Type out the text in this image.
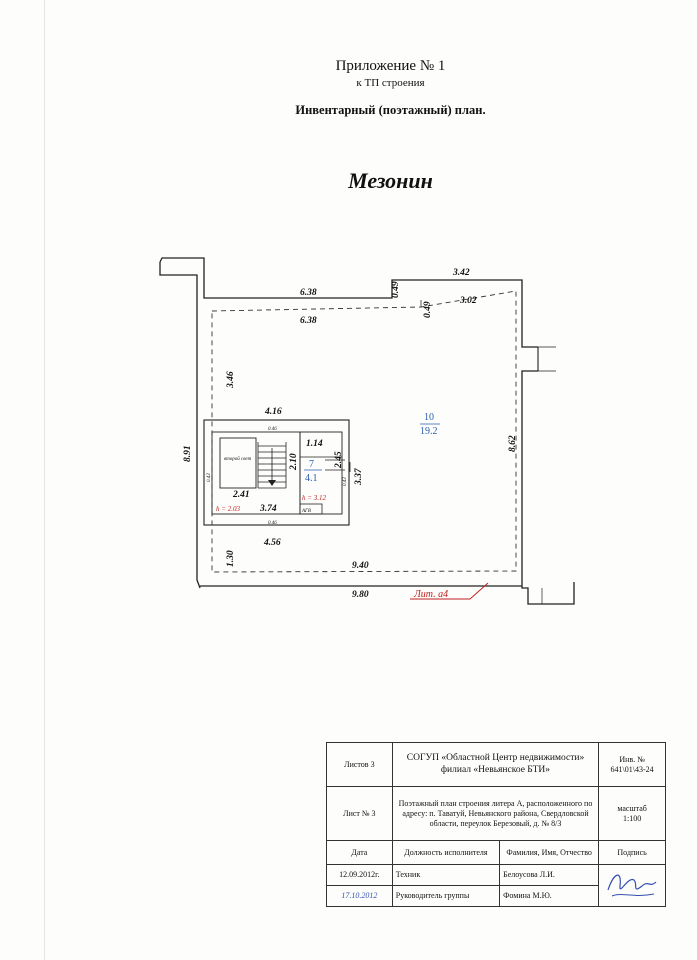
Приложение № 1
к ТП строения
Инвентарный (поэтажный) план.
Мезонин
6.38
6.38
0.49
0.49
3.42
3.02
3.46
8.91
8.62
4.16
0.46
0.43	0.43
1.14
2.10	2.45
3.37
2.41
3.74
0.46
4.56
1.30	9.40
9.80
второй свет
АГВ
10
19.2
7
4.1
h = 2.03
h = 3.12
Лит. а4
Листов 3	СОГУП «Областной Центр недвижимости» филиал «Невьянское БТИ»		Инв. № 641\01\43-24
Лист № 3	Поэтажный план строения литера А, расположенного по адресу: п. Таватуй, Невьянского района, Свердловской области, переулок Березовый, д. № 8/3		масштаб
1:100

Дата	Должность исполнителя	Фамилия, Имя, Отчество	Подпись
12.09.2012г.	Техник	Белоусова Л.И.	
17.10.2012	Руководитель группы	Фомина М.Ю.	
